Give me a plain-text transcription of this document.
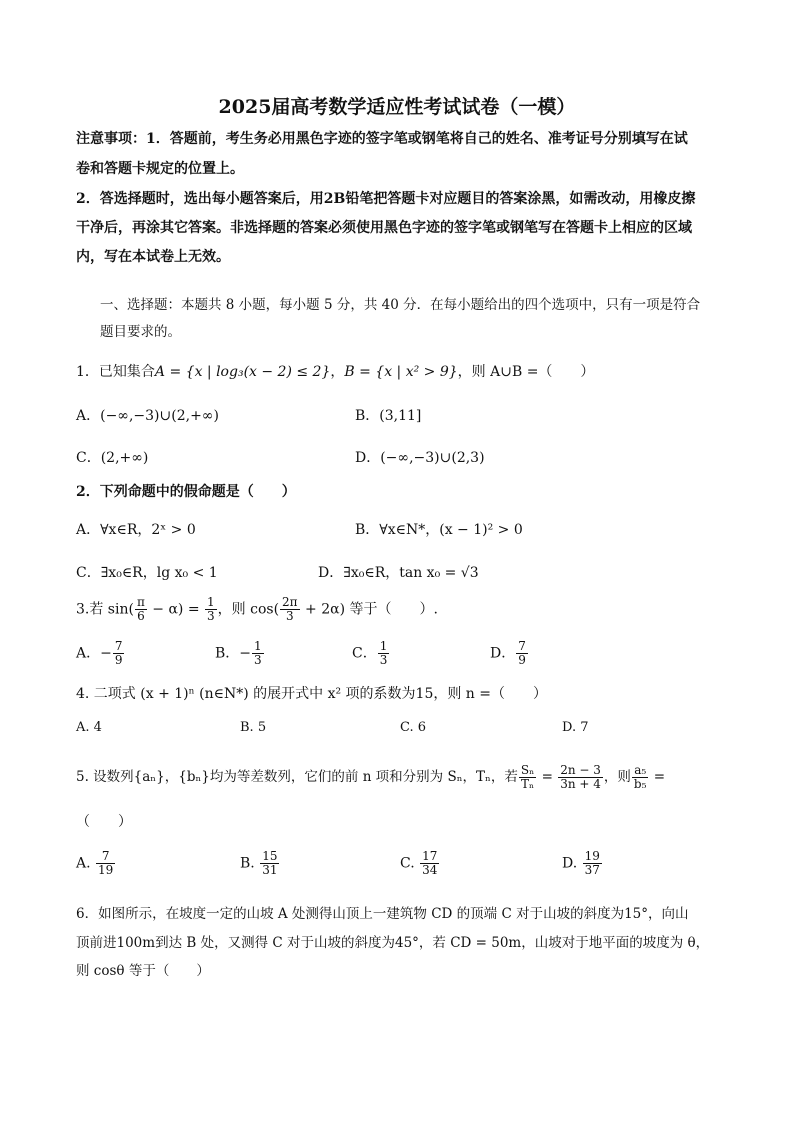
2025届高考数学适应性考试试卷（一模）
注意事项：1．答题前，考生务必用黑色字迹的签字笔或钢笔将自己的姓名、准考证号分别填写在试
卷和答题卡规定的位置上。
2．答选择题时，选出每小题答案后，用2B铅笔把答题卡对应题目的答案涂黑，如需改动，用橡皮擦
干净后，再涂其它答案。非选择题的答案必须使用黑色字迹的签字笔或钢笔写在答题卡上相应的区域
内，写在本试卷上无效。
一、选择题：本题共 8 小题，每小题 5 分，共 40 分．在每小题给出的四个选项中，只有一项是符合
题目要求的。
1．已知集合A = {x | log₃(x − 2) ≤ 2}，B = {x | x² > 9}，则 A∪B =（　　）
A．(−∞,−3)∪(2,+∞)	B．(3,11]
C．(2,+∞)	D．(−∞,−3)∪(2,3)
2．下列命题中的假命题是（　　）
A．∀x∈R，2ˣ > 0	B．∀x∈N*，(x − 1)² > 0
C．∃x₀∈R，lg x₀ < 1	D．∃x₀∈R，tan x₀ = √3
3.若 $\sin( \frac{\pi}{6} - \alpha) = \frac{1}{3}$ ，则 $\cos( \frac{2\pi}{3} + 2\alpha)$ 等于（　　）.
A．− $\frac{7}{9}$	B．− $\frac{1}{3}$	C． $\frac{1}{3}$	D． $\frac{7}{9}$
4. 二项式 (x + 1)ⁿ (n∈N*) 的展开式中 x² 项的系数为15，则 n =（　　）
A. 4	B. 5	C. 6	D. 7
5. 设数列{aₙ}，{bₙ}均为等差数列，它们的前 n 项和分别为 Sₙ，Tₙ，若 $\frac{\text{Sₙ}}{\text{Tₙ}} = \frac{2n - 3}{3n + 4}$ ，则 $\frac{\text{a₅}}{\text{b₅}}$ =
（　　）
A. $\frac{7}{19}$	B. $\frac{15}{31}$	C. $\frac{17}{34}$	D. $\frac{19}{37}$
6．如图所示，在坡度一定的山坡 A 处测得山顶上一建筑物 CD 的顶端 C 对于山坡的斜度为15°，向山
顶前进100m到达 B 处，又测得 C 对于山坡的斜度为45°，若 CD = 50m，山坡对于地平面的坡度为 θ，
则 cosθ 等于（　　）
